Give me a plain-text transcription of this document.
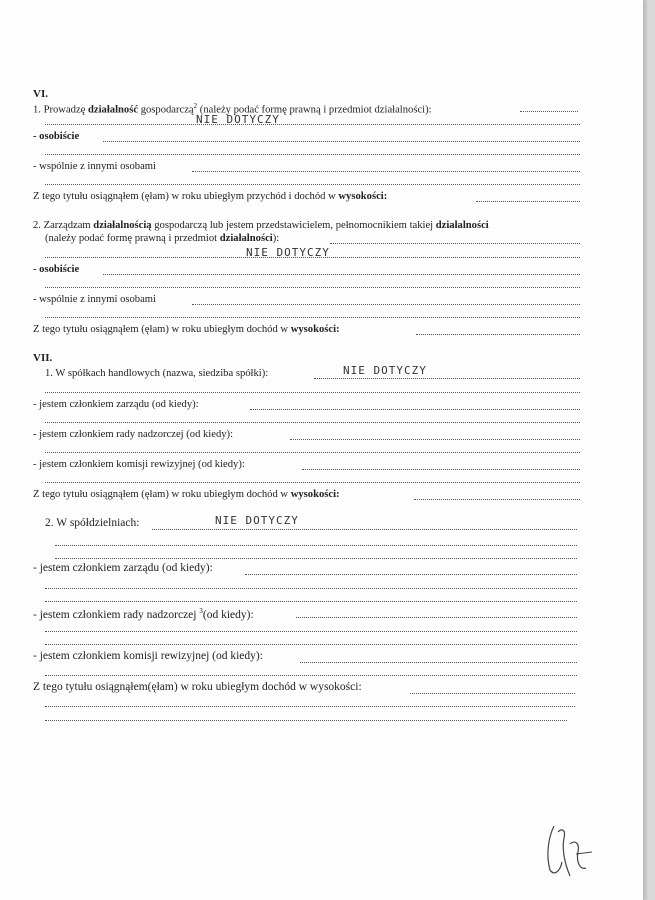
VI.
1. Prowadzę działalność gospodarczą$^2$ (należy podać formę prawną i przedmiot działalności):
NIE DOTYCZY
- osobiście
- wspólnie z innymi osobami
Z tego tytułu osiągnąłem (ęłam) w roku ubiegłym przychód i dochód w wysokości:
2. Zarządzam działalnością gospodarczą lub jestem przedstawicielem, pełnomocnikiem takiej działalności
(należy podać formę prawną i przedmiot działalności):
NIE DOTYCZY
- osobiście
- wspólnie z innymi osobami
Z tego tytułu osiągnąłem (ęłam) w roku ubiegłym dochód w wysokości:
VII.
1. W spółkach handlowych (nazwa, siedziba spółki):	NIE DOTYCZY
- jestem członkiem zarządu (od kiedy):
- jestem członkiem rady nadzorczej (od kiedy):
- jestem członkiem komisji rewizyjnej (od kiedy):
Z tego tytułu osiągnąłem (ęłam) w roku ubiegłym dochód w wysokości:
2. W spółdzielniach:	NIE DOTYCZY
- jestem członkiem zarządu (od kiedy):
- jestem członkiem rady nadzorczej $^3$(od kiedy):
- jestem członkiem komisji rewizyjnej (od kiedy):
Z tego tytułu osiągnąłem(ęłam) w roku ubiegłym dochód w wysokości:
